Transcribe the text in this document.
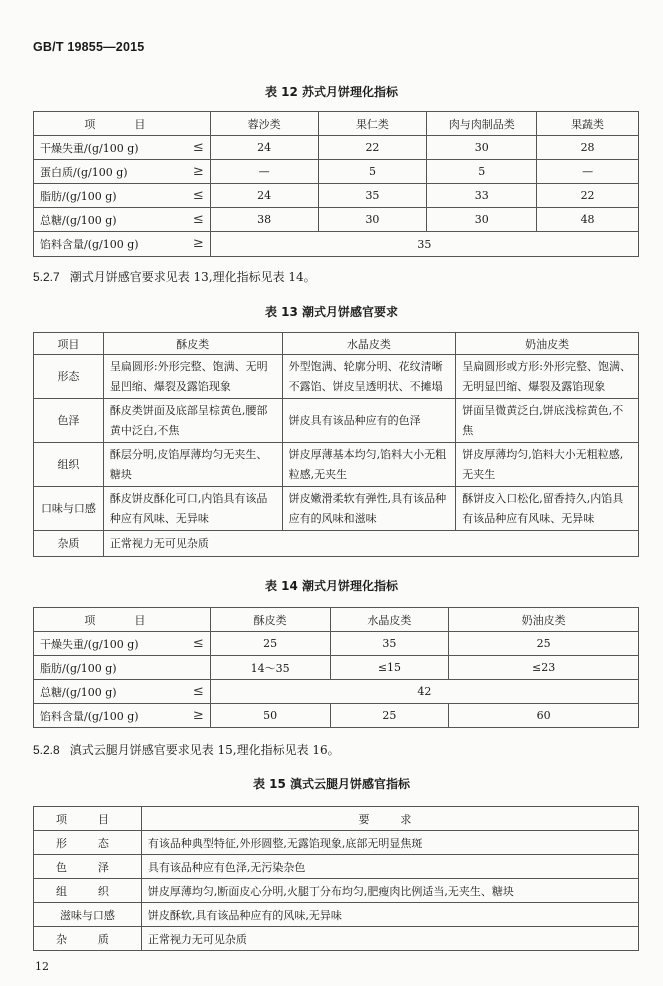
GB/T 19855—2015
表 12 苏式月饼理化指标
项　目	蓉沙类	果仁类	肉与肉制品类	果蔬类
干燥失重/(g/100 g) ≤	24	22	30	28
蛋白质/(g/100 g) ≥	—	5	5	—
脂肪/(g/100 g) ≤	24	35	33	22
总糖/(g/100 g) ≤	38	30	30	48
馅料含量/(g/100 g) ≥	35			
5.2.7 潮式月饼感官要求见表 13,理化指标见表 14。
表 13 潮式月饼感官要求
项目	酥皮类	水晶皮类	奶油皮类
形态	呈扁圆形:外形完整、饱满、无明显凹缩、爆裂及露馅现象	外型饱满、轮廓分明、花纹清晰不露馅、饼皮呈透明状、不摊塌	呈扁圆形或方形:外形完整、饱满、无明显凹缩、爆裂及露馅现象
色泽	酥皮类饼面及底部呈棕黄色,腰部黄中泛白,不焦	饼皮具有该品种应有的色泽	饼面呈微黄泛白,饼底浅棕黄色,不焦
组织	酥层分明,皮馅厚薄均匀无夹生、糖块	饼皮厚薄基本均匀,馅料大小无粗粒感,无夹生	饼皮厚薄均匀,馅料大小无粗粒感,无夹生
口味与口感	酥皮饼皮酥化可口,内馅具有该品种应有风味、无异味	饼皮嫩滑柔软有弹性,具有该品种应有的风味和滋味	酥饼皮入口松化,留香持久,内馅具有该品种应有风味、无异味
杂质	正常视力无可见杂质		
表 14 潮式月饼理化指标
项　目	酥皮类	水晶皮类	奶油皮类
干燥失重/(g/100 g) ≤	25	35	25
脂肪/(g/100 g)	14～35	≤15	≤23
总糖/(g/100 g) ≤	42		
馅料含量/(g/100 g) ≥	50	25	60
5.2.8 滇式云腿月饼感官要求见表 15,理化指标见表 16。
表 15 滇式云腿月饼感官指标
项　目	要　求
形　态	有该品种典型特征,外形圆整,无露馅现象,底部无明显焦斑
色　泽	具有该品种应有色泽,无污染杂色
组　织	饼皮厚薄均匀,断面皮心分明,火腿丁分布均匀,肥瘦肉比例适当,无夹生、糖块
滋味与口感	饼皮酥软,具有该品种应有的风味,无异味
杂　质	正常视力无可见杂质
12
